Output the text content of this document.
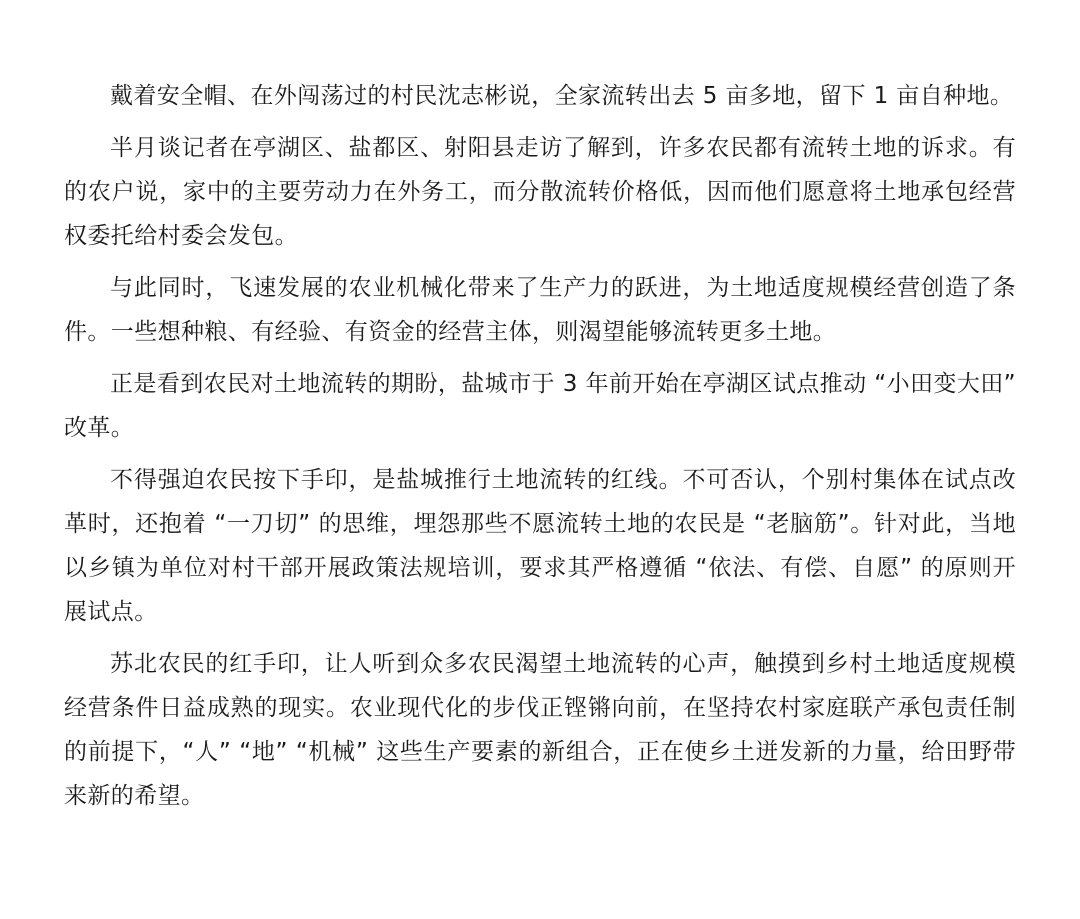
戴着安全帽、在外闯荡过的村民沈志彬说，全家流转出去 5 亩多地，留下 1 亩自种地。

半月谈记者在亭湖区、盐都区、射阳县走访了解到，许多农民都有流转土地的诉求。有的农户说，家中的主要劳动力在外务工，而分散流转价格低，因而他们愿意将土地承包经营权委托给村委会发包。

与此同时，飞速发展的农业机械化带来了生产力的跃进，为土地适度规模经营创造了条件。一些想种粮、有经验、有资金的经营主体，则渴望能够流转更多土地。

正是看到农民对土地流转的期盼，盐城市于 3 年前开始在亭湖区试点推动 “小田变大田” 改革。

不得强迫农民按下手印，是盐城推行土地流转的红线。不可否认，个别村集体在试点改革时，还抱着 “一刀切” 的思维，埋怨那些不愿流转土地的农民是 “老脑筋”。针对此，当地以乡镇为单位对村干部开展政策法规培训，要求其严格遵循 “依法、有偿、自愿” 的原则开展试点。

苏北农民的红手印，让人听到众多农民渴望土地流转的心声，触摸到乡村土地适度规模经营条件日益成熟的现实。农业现代化的步伐正铿锵向前，在坚持农村家庭联产承包责任制的前提下，“人” “地” “机械” 这些生产要素的新组合，正在使乡土迸发新的力量，给田野带来新的希望。
